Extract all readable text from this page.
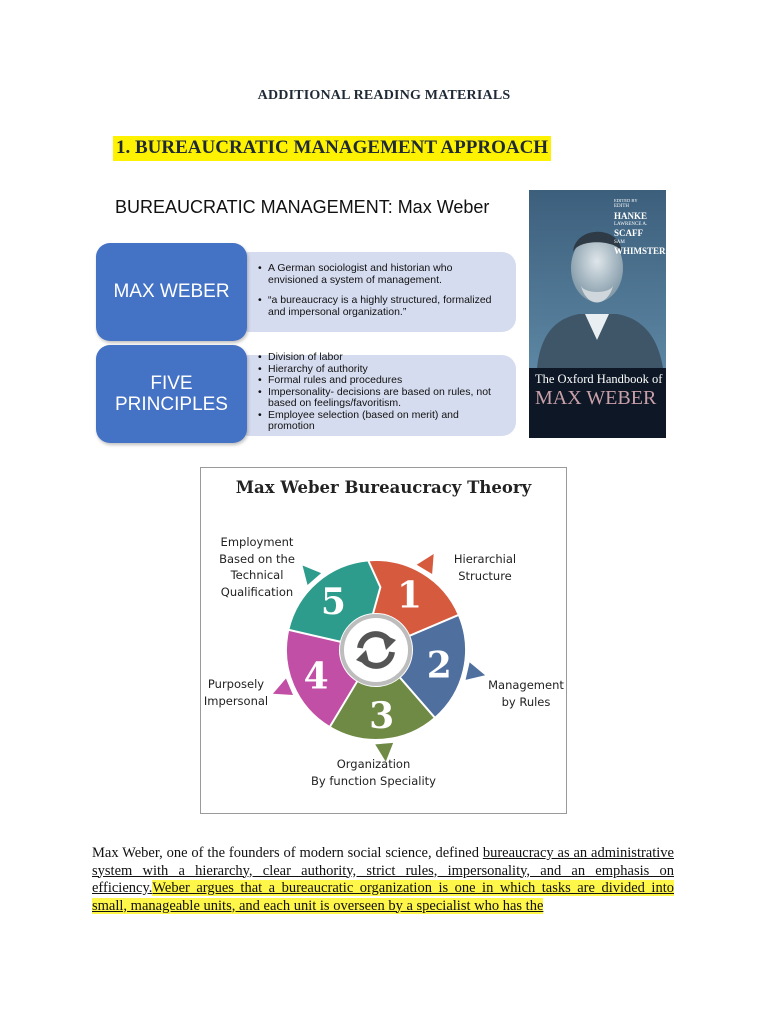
ADDITIONAL READING MATERIALS
1. BUREAUCRATIC MANAGEMENT APPROACH
BUREAUCRATIC MANAGEMENT: Max Weber
MAX WEBER
• A German sociologist and historian who envisioned a system of management.
• “a bureaucracy is a highly structured, formalized and impersonal organization.”
FIVE
PRINCIPLES
• Division of labor
• Hierarchy of authority
• Formal rules and procedures
• Impersonality- decisions are based on rules, not based on feelings/favoritism.
• Employee selection (based on merit) and promotion
EDITED BY
EDITH
HANKE
LAWRENCE A.
SCAFF
SAM
WHIMSTER
The Oxford Handbook of
MAX WEBER
Max Weber Bureaucracy Theory
1
2
3
4
5
Employment
Based on the
Technical
Qualification
Hierarchial
Structure
Purposely
Impersonal
Management
by Rules
Organization
By function Speciality
Max Weber, one of the founders of modern social science, defined bureaucracy as an administrative system with a hierarchy, clear authority, strict rules, impersonality, and an emphasis on efficiency.Weber argues that a bureaucratic organization is one in which tasks are divided into small, manageable units, and each unit is overseen by a specialist who has the
